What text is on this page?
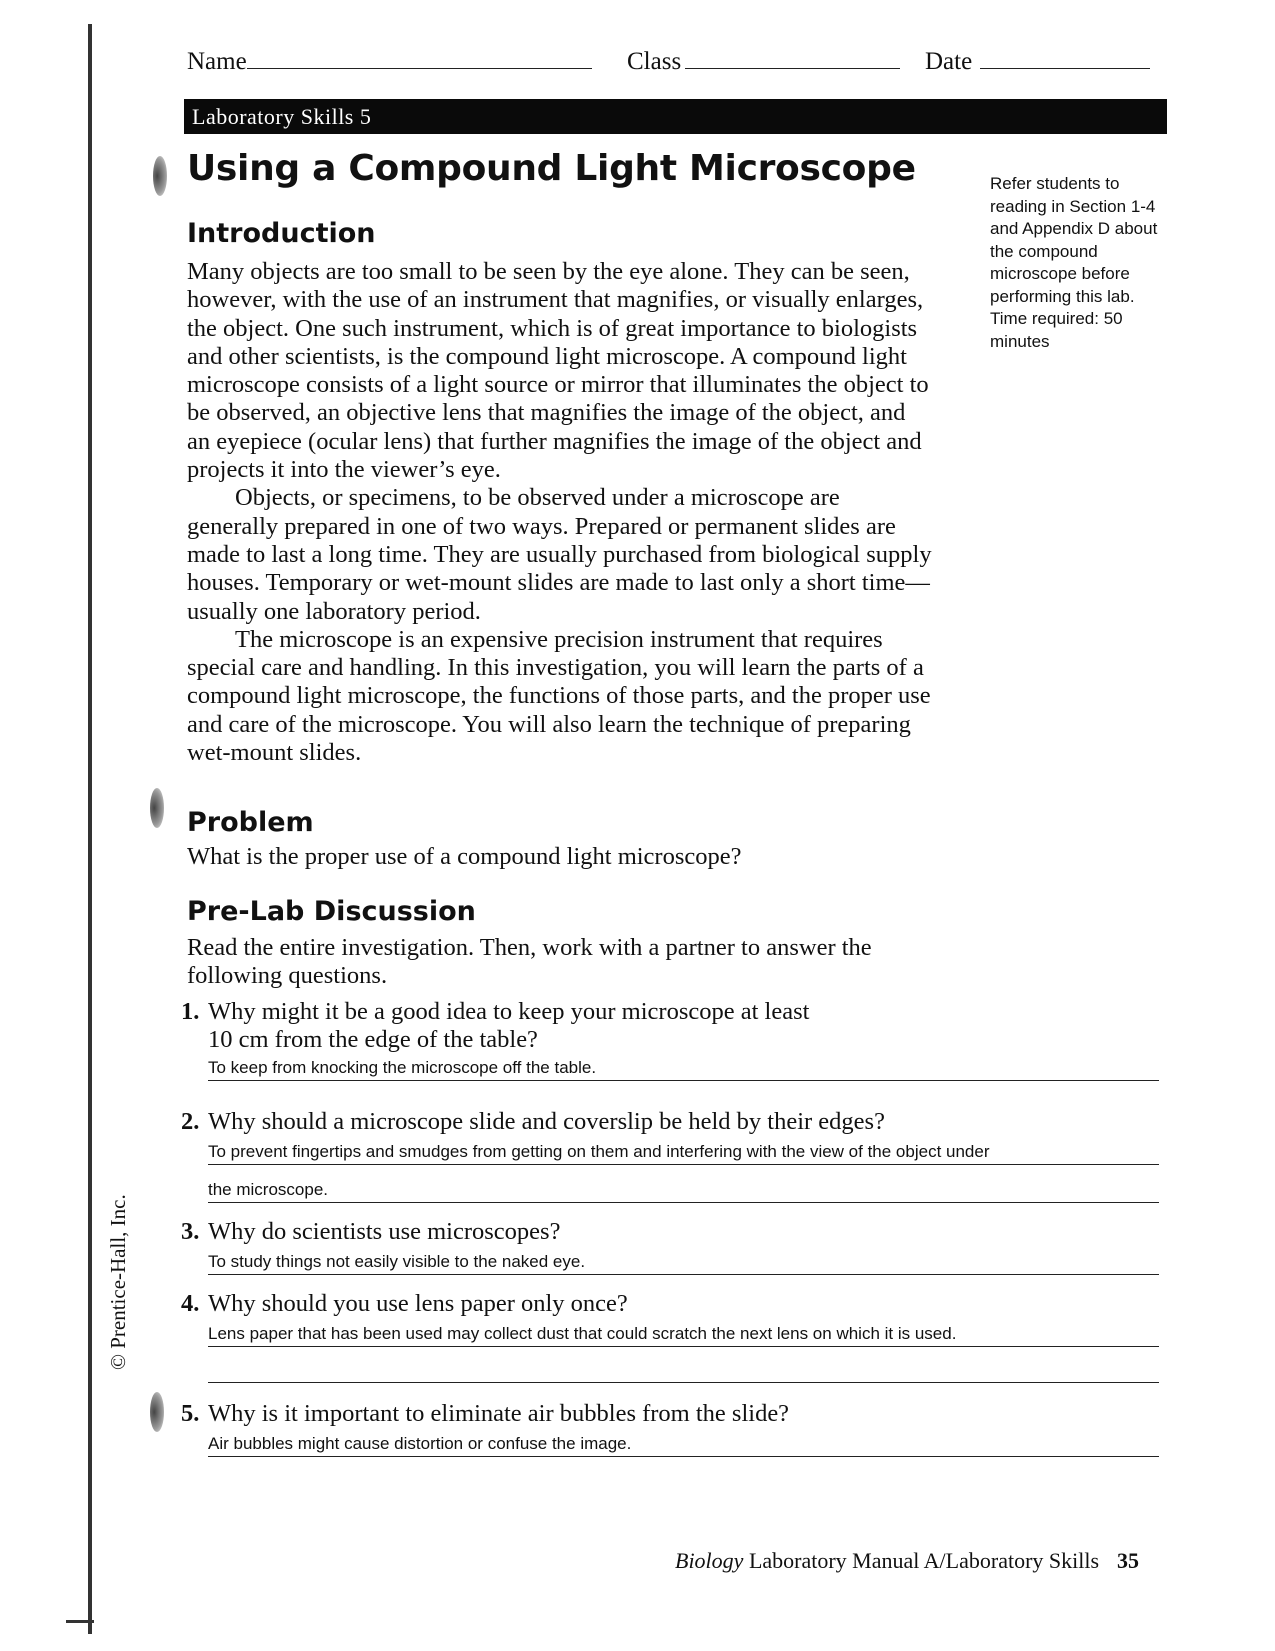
Name	Class	Date
Laboratory Skills 5
Using a Compound Light Microscope	Refer students to reading in Section 1-4 and Appendix D about the compound microscope before performing this lab. Time required: 50 minutes
Introduction

Many objects are too small to be seen by the eye alone. They can be seen, however, with the use of an instrument that magnifies, or visually enlarges, the object. One such instrument, which is of great importance to biologists and other scientists, is the compound light microscope. A compound light microscope consists of a light source or mirror that illuminates the object to be observed, an objective lens that magnifies the image of the object, and an eyepiece (ocular lens) that further magnifies the image of the object and projects it into the viewer’s eye.

Objects, or specimens, to be observed under a microscope are generally prepared in one of two ways. Prepared or permanent slides are made to last a long time. They are usually purchased from biological supply houses. Temporary or wet-mount slides are made to last only a short time—usually one laboratory period.

The microscope is an expensive precision instrument that requires special care and handling. In this investigation, you will learn the parts of a compound light microscope, the functions of those parts, and the proper use and care of the microscope. You will also learn the technique of preparing wet-mount slides.

Problem
What is the proper use of a compound light microscope?
Pre-Lab Discussion
Read the entire investigation. Then, work with a partner to answer the following questions.
1. Why might it be a good idea to keep your microscope at least
10 cm from the edge of the table?
To keep from knocking the microscope off the table.
2. Why should a microscope slide and coverslip be held by their edges?
To prevent fingertips and smudges from getting on them and interfering with the view of the object under
the microscope.
3. Why do scientists use microscopes?
To study things not easily visible to the naked eye.
4. Why should you use lens paper only once?
Lens paper that has been used may collect dust that could scratch the next lens on which it is used.
5. Why is it important to eliminate air bubbles from the slide?
Air bubbles might cause distortion or confuse the image.
© Prentice-Hall, Inc.
Biology Laboratory Manual A/Laboratory Skills 35
